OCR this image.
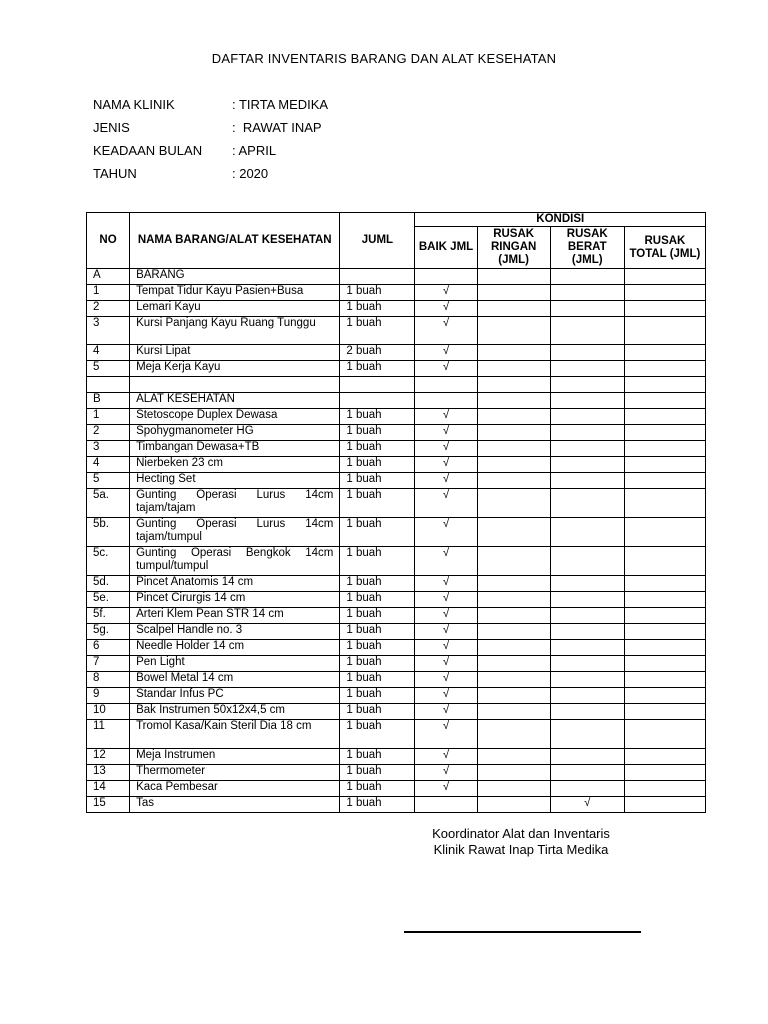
DAFTAR INVENTARIS BARANG DAN ALAT KESEHATAN
NAMA KLINIK	: TIRTA MEDIKA
JENIS	:  RAWAT INAP
KEADAAN BULAN : APRIL
TAHUN	: 2020
NO	NAMA BARANG/ALAT KESEHATAN	JUML	KONDISI			
			BAIK JML	RUSAK RINGAN (JML)	RUSAK BERAT (JML)	RUSAK TOTAL (JML)
A	BARANG					
1	Tempat Tidur Kayu Pasien+Busa	1 buah	√			
2	Lemari Kayu	1 buah	√			
3	Kursi Panjang Kayu Ruang Tunggu	1 buah	√			
4	Kursi Lipat	2 buah	√			
5	Meja Kerja Kayu	1 buah	√			

B	ALAT KESEHATAN					
1	Stetoscope Duplex Dewasa	1 buah	√			
2	Spohygmanometer HG	1 buah	√			
3	Timbangan Dewasa+TB	1 buah	√			
4	Nierbeken 23 cm	1 buah	√			
5	Hecting Set	1 buah	√			
5a.	Gunting Operasi Lurus 14cm tajam/tajam	1 buah	√			
5b.	Gunting Operasi Lurus 14cm tajam/tumpul	1 buah	√			
5c.	Gunting Operasi Bengkok 14cm tumpul/tumpul	1 buah	√			
5d.	Pincet Anatomis 14 cm	1 buah	√			
5e.	Pincet Cirurgis 14 cm	1 buah	√			
5f.	Arteri Klem Pean STR 14 cm	1 buah	√			
5g.	Scalpel Handle no. 3	1 buah	√			
6	Needle Holder 14 cm	1 buah	√			
7	Pen Light	1 buah	√			
8	Bowel Metal 14 cm	1 buah	√			
9	Standar Infus PC	1 buah	√			
10	Bak Instrumen 50x12x4,5 cm	1 buah	√			
11	Tromol Kasa/Kain Steril Dia 18 cm	1 buah	√			
12	Meja Instrumen	1 buah	√			
13	Thermometer	1 buah	√			
14	Kaca Pembesar	1 buah	√			
15	Tas	1 buah			√	
Koordinator Alat dan Inventaris
Klinik Rawat Inap Tirta Medika
